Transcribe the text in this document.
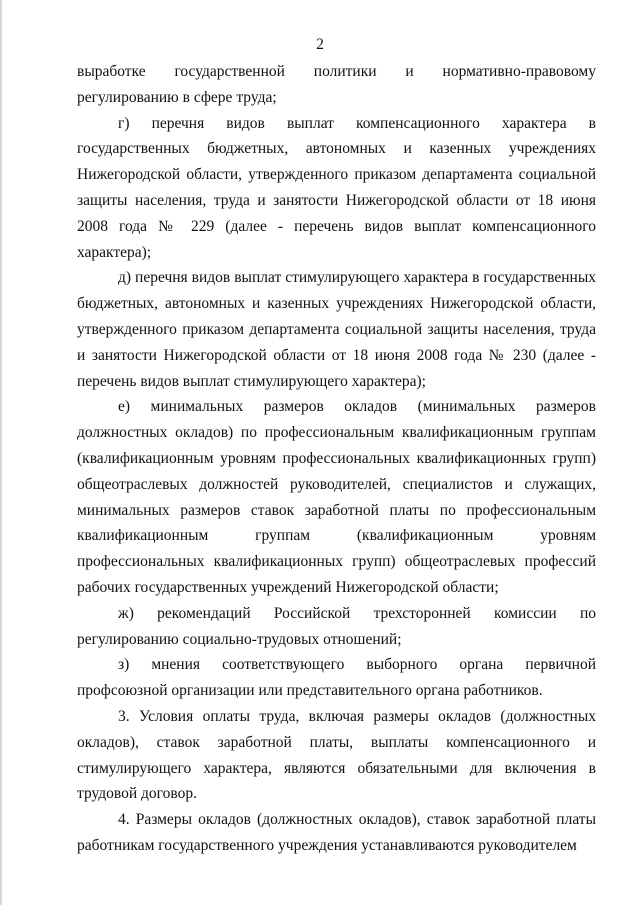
2

выработке государственной политики и нормативно-правовому регулированию в сфере труда;

г) перечня видов выплат компенсационного характера в государственных бюджетных, автономных и казенных учреждениях Нижегородской области, утвержденного приказом департамента социальной защиты населения, труда и занятости Нижегородской области от 18 июня 2008 года № 229 (далее - перечень видов выплат компенсационного характера);

д) перечня видов выплат стимулирующего характера в государственных бюджетных, автономных и казенных учреждениях Нижегородской области, утвержденного приказом департамента социальной защиты населения, труда и занятости Нижегородской области от 18 июня 2008 года № 230 (далее - перечень видов выплат стимулирующего характера);

е) минимальных размеров окладов (минимальных размеров должностных окладов) по профессиональным квалификационным группам (квалификационным уровням профессиональных квалификационных групп) общеотраслевых должностей руководителей, специалистов и служащих, минимальных размеров ставок заработной платы по профессиональным квалификационным группам (квалификационным уровням профессиональных квалификационных групп) общеотраслевых профессий рабочих государственных учреждений Нижегородской области;

ж) рекомендаций Российской трехсторонней комиссии по регулированию социально-трудовых отношений;

з) мнения соответствующего выборного органа первичной профсоюзной организации или представительного органа работников.

3. Условия оплаты труда, включая размеры окладов (должностных окладов), ставок заработной платы, выплаты компенсационного и стимулирующего характера, являются обязательными для включения в трудовой договор.

4. Размеры окладов (должностных окладов), ставок заработной платы работникам государственного учреждения устанавливаются руководителем
